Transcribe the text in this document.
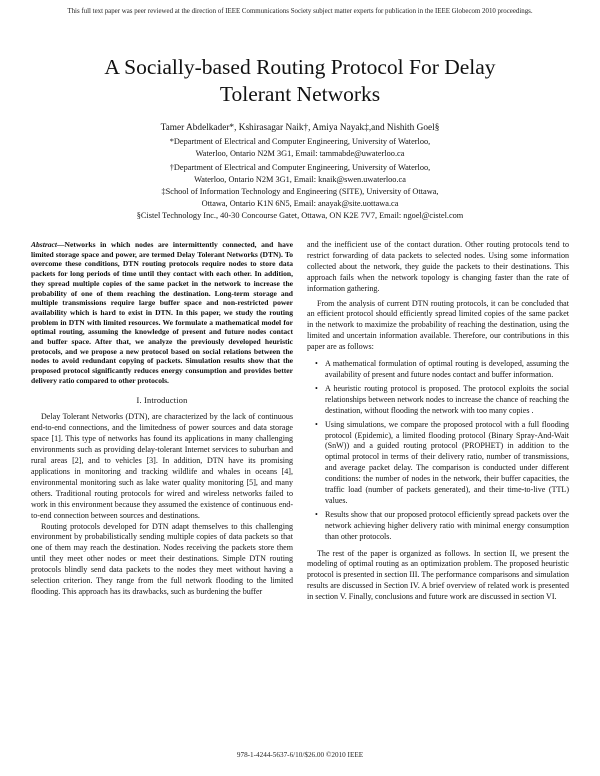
This full text paper was peer reviewed at the direction of IEEE Communications Society subject matter experts for publication in the IEEE Globecom 2010 proceedings.
A Socially-based Routing Protocol For Delay
Tolerant Networks
Tamer Abdelkader*, Kshirasagar Naik†, Amiya Nayak‡,and Nishith Goel§
*Department of Electrical and Computer Engineering, University of Waterloo,
Waterloo, Ontario N2M 3G1, Email: tammabde@uwaterloo.ca
†Department of Electrical and Computer Engineering, University of Waterloo,
Waterloo, Ontario N2M 3G1, Email: knaik@swen.uwaterloo.ca
‡School of Information Technology and Engineering (SITE), University of Ottawa,
Ottawa, Ontario K1N 6N5, Email: anayak@site.uottawa.ca
§Cistel Technology Inc., 40-30 Concourse Gatet, Ottawa, ON K2E 7V7, Email: ngoel@cistel.com

Abstract—Networks in which nodes are intermittently connected, and have limited storage space and power, are termed Delay Tolerant Networks (DTN). To overcome these conditions, DTN routing protocols require nodes to store data packets for long periods of time until they contact with each other. In addition, they spread multiple copies of the same packet in the network to increase the probability of one of them reaching the destination. Long-term storage and multiple transmissions require large buffer space and non-restricted power availability which is hard to exist in DTN. In this paper, we study the routing problem in DTN with limited resources. We formulate a mathematical model for optimal routing, assuming the knowledge of present and future nodes contact and buffer space. After that, we analyze the previously developed heuristic protocols, and we propose a new protocol based on social relations between the nodes to avoid redundant copying of packets. Simulation results show that the proposed protocol significantly reduces energy consumption and provides better delivery ratio compared to other protocols.

I. Introduction

Delay Tolerant Networks (DTN), are characterized by the lack of continuous end-to-end connections, and the limitedness of power sources and data storage space [1]. This type of networks has found its applications in many challenging environments such as providing delay-tolerant Internet services to suburban and rural areas [2], and to vehicles [3]. In addition, DTN have its promising applications in monitoring and tracking wildlife and whales in oceans [4], environmental monitoring such as lake water quality monitoring [5], and many others. Traditional routing protocols for wired and wireless networks failed to work in this environment because they assumed the existence of continuous end-to-end connection between sources and destinations.

Routing protocols developed for DTN adapt themselves to this challenging environment by probabilistically sending multiple copies of data packets so that one of them may reach the destination. Nodes receiving the packets store them until they meet other nodes or meet their destinations. Simple DTN routing protocols blindly send data packets to the nodes they meet without having a selection criterion. They range from the full network flooding to the limited flooding. This approach has its drawbacks, such as burdening the buffer

and the inefficient use of the contact duration. Other routing protocols tend to restrict forwarding of data packets to selected nodes. Using some information collected about the network, they guide the packets to their destinations. This approach fails when the network topology is changing faster than the rate of information gathering.

From the analysis of current DTN routing protocols, it can be concluded that an efficient protocol should efficiently spread limited copies of the same packet in the network to maximize the probability of reaching the destination, using the limited and uncertain information available. Therefore, our contributions in this paper are as follows:

• A mathematical formulation of optimal routing is developed, assuming the availability of present and future nodes contact and buffer information.
• A heuristic routing protocol is proposed. The protocol exploits the social relationships between network nodes to increase the chance of reaching the destination, without flooding the network with too many copies .
• Using simulations, we compare the proposed protocol with a full flooding protocol (Epidemic), a limited flooding protocol (Binary Spray-And-Wait (SnW)) and a guided routing protocol (PROPHET) in addition to the optimal protocol in terms of their delivery ratio, number of transmissions, and average packet delay. The comparison is conducted under different conditions: the number of nodes in the network, their buffer capacities, the traffic load (number of packets generated), and their time-to-live (TTL) values.
• Results show that our proposed protocol efficiently spread packets over the network achieving higher delivery ratio with minimal energy consumption than other protocols.

The rest of the paper is organized as follows. In section II, we present the modeling of optimal routing as an optimization problem. The proposed heuristic protocol is presented in section III. The performance comparisons and simulation results are discussed in Section IV. A brief overview of related work is presented in section V. Finally, conclusions and future work are discussed in section VI.

978-1-4244-5637-6/10/$26.00 ©2010 IEEE
